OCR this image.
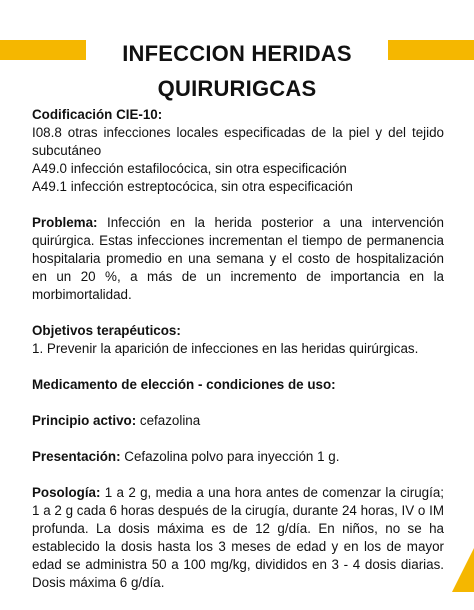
INFECCION HERIDAS
QUIRURIGCAS

Codificación CIE-10:

I08.8 otras infecciones locales especificadas de la piel y del tejido subcutáneo

A49.0 infección estafilocócica, sin otra especificación

A49.1 infección estreptocócica, sin otra especificación

Problema: Infección en la herida posterior a una intervención quirúrgica. Estas infecciones incrementan el tiempo de permanencia hospitalaria promedio en una semana y el costo de hospitalización en un 20 %, a más de un incremento de importancia en la morbimortalidad.

Objetivos terapéuticos:

1. Prevenir la aparición de infecciones en las heridas quirúrgicas.

Medicamento de elección - condiciones de uso:

Principio activo: cefazolina

Presentación: Cefazolina polvo para inyección 1 g.

Posología: 1 a 2 g, media a una hora antes de comenzar la cirugía; 1 a 2 g cada 6 horas después de la cirugía, durante 24 horas, IV o IM profunda. La dosis máxima es de 12 g/día. En niños, no se ha establecido la dosis hasta los 3 meses de edad y en los de mayor edad se administra 50 a 100 mg/kg, divididos en 3 - 4 dosis diarias. Dosis máxima 6 g/día.
